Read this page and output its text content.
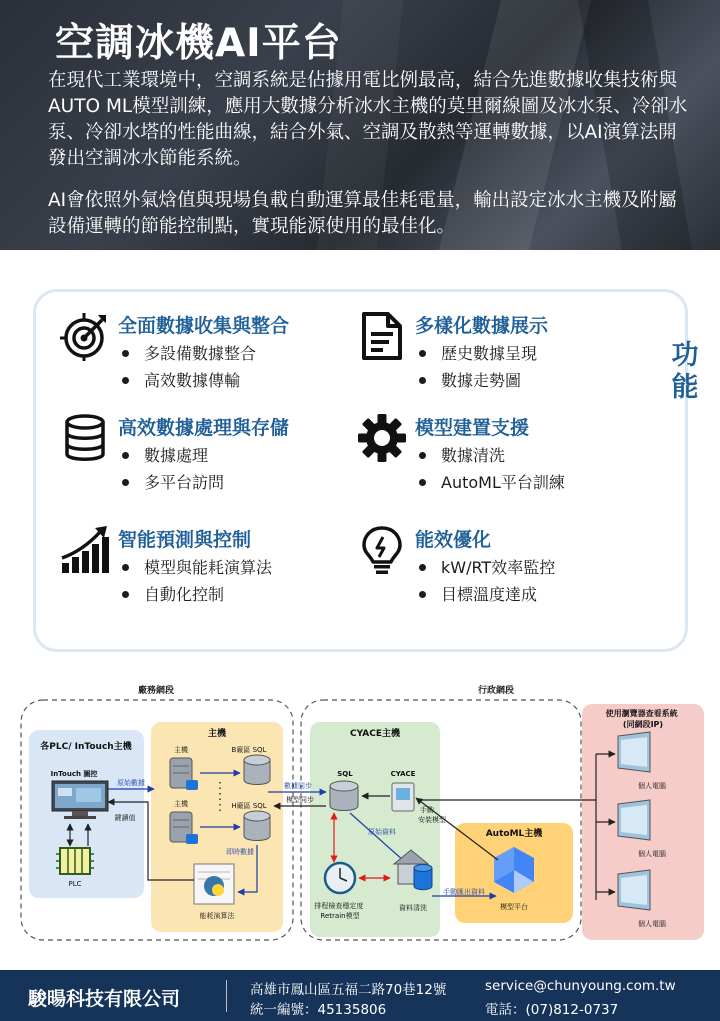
空調冰機AI平台
在現代工業環境中，空調系統是佔據用電比例最高，結合先進數據收集技術與AUTO ML模型訓練，應用大數據分析冰水主機的莫里爾線圖及冰水泵、冷卻水泵、冷卻水塔的性能曲線，結合外氣、空調及散熱等運轉數據，以AI演算法開發出空調冰水節能系統。
AI會依照外氣焓值與現場負載自動運算最佳耗電量，輸出設定冰水主機及附屬設備運轉的節能控制點，實現能源使用的最佳化。
功能
全面數據收集與整合
多設備數據整合
高效數據傳輸
多樣化數據展示
歷史數據呈現
數據走勢圖
高效數據處理與存儲
數據處理
多平台訪問
模型建置支援
數據清洗
AutoML平台訓練
智能預測與控制
模型與能耗演算法
自動化控制
能效優化
kW/RT效率監控
目標溫度達成
廠務網段	行政網段
各PLC/ InTouch主機
InTouch 圖控
鍵讀值
PLC
主機
主機
主機
B廠區 SQL
H廠區 SQL
即時數據
能耗演算法
原始數據
CYACE主機
SQL	CYACE
數據同步
模型同步
原始資料
排程檢查穩定度 Retrain模型
資料清洗
AutoML主機
模型平台
手動匯出資料
手動 安裝模型
使用瀏覽器查看系統 (同網段IP)
個人電腦
個人電腦
個人電腦
駿暘科技有限公司	高雄市鳳山區五福二路70巷12號
統一編號：45135806
service@chunyoung.com.tw
電話：(07)812-0737
